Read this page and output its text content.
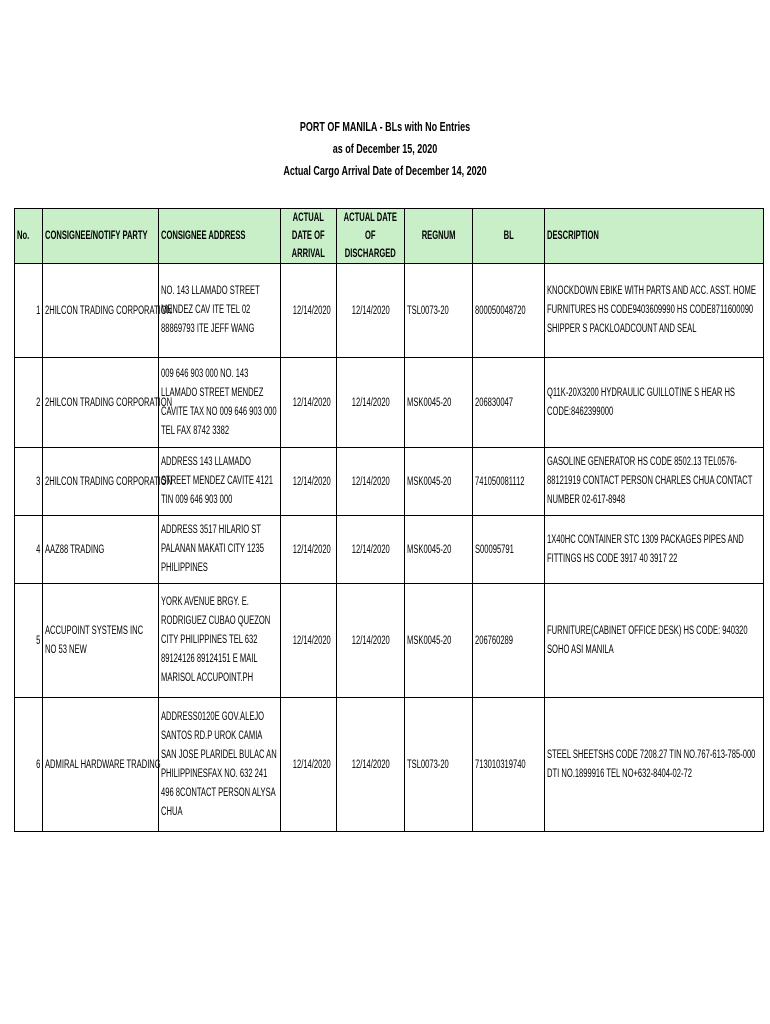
PORT OF MANILA - BLs with No Entries
as of December 15, 2020
Actual Cargo Arrival Date of December 14, 2020
No.	CONSIGNEE/NOTIFY PARTY	CONSIGNEE ADDRESS	ACTUAL DATE OF ARRIVAL	ACTUAL DATE OF DISCHARGED	REGNUM	BL	DESCRIPTION
1	2HILCON TRADING CORPORATION	NO. 143 LLAMADO STREET MENDEZ CAV ITE TEL 02 88869793 ITE JEFF WANG	12/14/2020	12/14/2020	TSL0073-20	800050048720	KNOCKDOWN EBIKE WITH PARTS AND ACC. ASST. HOME FURNITURES HS CODE9403609990 HS CODE8711600090 SHIPPER S PACKLOADCOUNT AND SEAL

2	2HILCON TRADING CORPORATION	009 646 903 000 NO. 143 LLAMADO STREET MENDEZ CAVITE TAX NO 009 646 903 000 TEL FAX 8742 3382	12/14/2020	12/14/2020	MSK0045-20	206830047	Q11K-20X3200 HYDRAULIC GUILLOTINE S HEAR HS CODE:8462399000

3	2HILCON TRADING CORPORATION	ADDRESS 143 LLAMADO STREET MENDEZ CAVITE 4121 TIN 009 646 903 000	12/14/2020	12/14/2020	MSK0045-20	741050081112	GASOLINE GENERATOR HS CODE 8502.13 TEL0576-88121919 CONTACT PERSON CHARLES CHUA CONTACT NUMBER 02-617-8948

4	AAZ88 TRADING	ADDRESS 3517 HILARIO ST PALANAN MAKATI CITY 1235 PHILIPPINES	12/14/2020	12/14/2020	MSK0045-20	S00095791	1X40HC CONTAINER STC 1309 PACKAGES PIPES AND FITTINGS HS CODE 3917 40 3917 22

5	ACCUPOINT SYSTEMS INC NO 53 NEW	YORK AVENUE BRGY. E. RODRIGUEZ CUBAO QUEZON CITY PHILIPPINES TEL 632 89124126 89124151 E MAIL MARISOL ACCUPOINT.PH	12/14/2020	12/14/2020	MSK0045-20	206760289	FURNITURE(CABINET OFFICE DESK) HS CODE: 940320 SOHO ASI MANILA

6	ADMIRAL HARDWARE TRADING	ADDRESS0120E GOV.ALEJO SANTOS RD.P UROK CAMIA SAN JOSE PLARIDEL BULAC AN PHILIPPINESFAX NO. 632 241 496 8CONTACT PERSON ALYSA CHUA	12/14/2020	12/14/2020	TSL0073-20	713010319740	STEEL SHEETSHS CODE 7208.27 TIN NO.767-613-785-000 DTI NO.1899916 TEL NO+632-8404-02-72
